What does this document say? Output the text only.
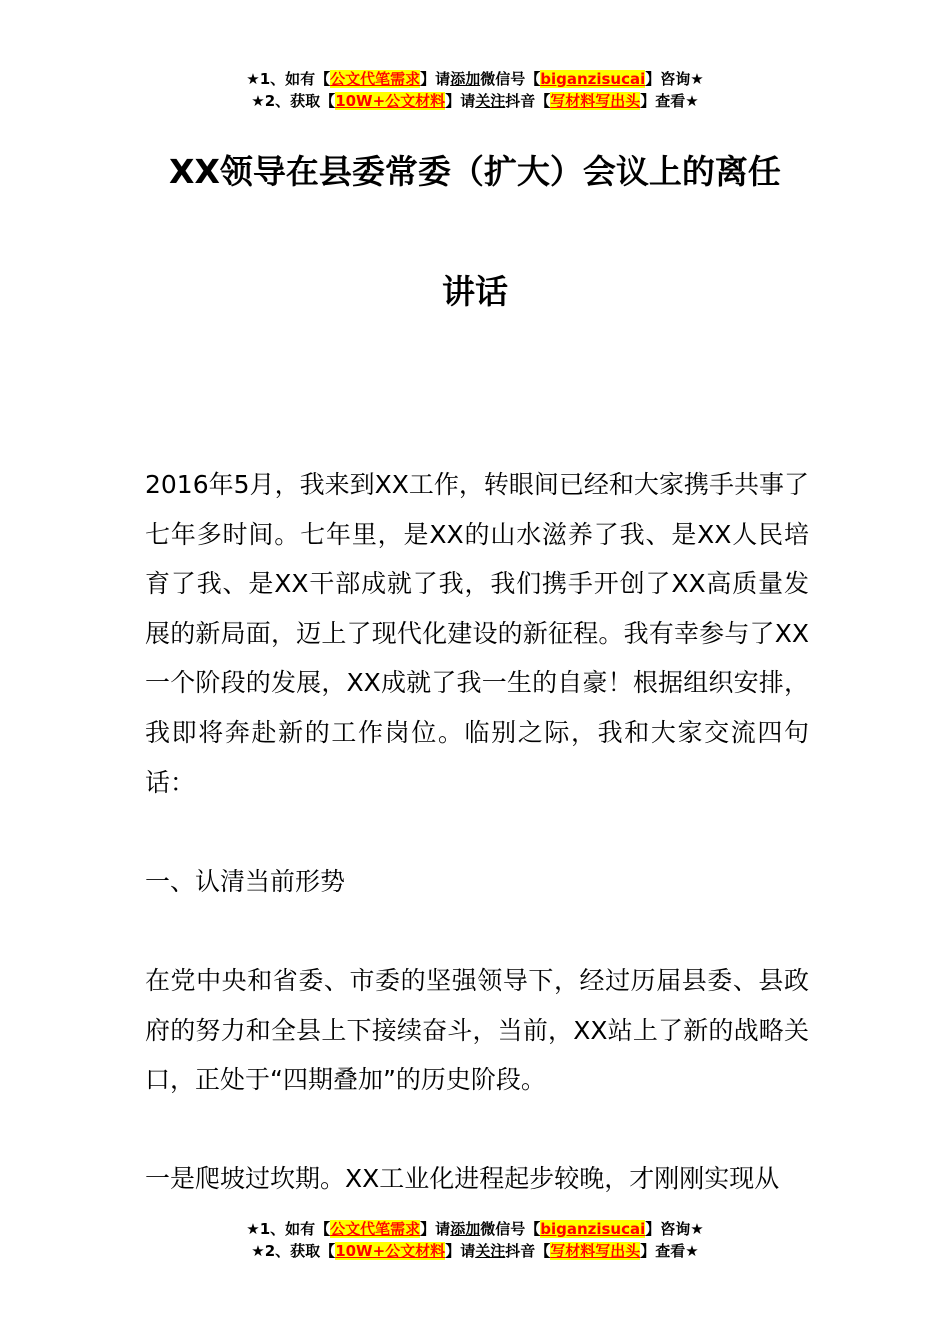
★1、如有【公文代笔需求】请添加微信号【biganzisucai】咨询★
★2、获取【10W+公文材料】请关注抖音【写材料写出头】查看★
XX领导在县委常委（扩大）会议上的离任
讲话

2016年5月，我来到XX工作，转眼间已经和大家携手共事了七年多时间。七年里，是XX的山水滋养了我、是XX人民培育了我、是XX干部成就了我，我们携手开创了XX高质量发展的新局面，迈上了现代化建设的新征程。我有幸参与了XX一个阶段的发展，XX成就了我一生的自豪！根据组织安排，我即将奔赴新的工作岗位。临别之际，我和大家交流四句话：

一、认清当前形势

在党中央和省委、市委的坚强领导下，经过历届县委、县政府的努力和全县上下接续奋斗，当前，XX站上了新的战略关口，正处于“四期叠加”的历史阶段。

一是爬坡过坎期。XX工业化进程起步较晚，才刚刚实现从

★1、如有【公文代笔需求】请添加微信号【biganzisucai】咨询★
★2、获取【10W+公文材料】请关注抖音【写材料写出头】查看★
